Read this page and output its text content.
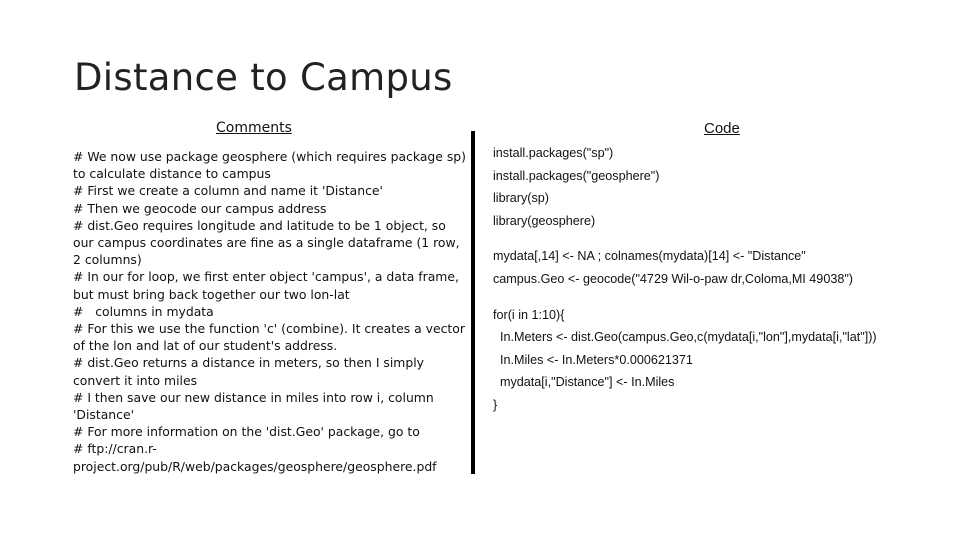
Distance to Campus
Comments	Code
# We now use package geosphere (which requires package sp) to calculate distance to campus
# First we create a column and name it 'Distance'
# Then we geocode our campus address
# dist.Geo requires longitude and latitude to be 1 object, so our campus coordinates are fine as a single dataframe (1 row, 2 columns)
# In our for loop, we first enter object 'campus', a data frame, but must bring back together our two lon-lat
#   columns in mydata
# For this we use the function 'c' (combine). It creates a vector of the lon and lat of our student's address.
# dist.Geo returns a distance in meters, so then I simply convert it into miles
# I then save our new distance in miles into row i, column 'Distance'
# For more information on the 'dist.Geo' package, go to
# ftp://cran.r-project.org/pub/R/web/packages/geosphere/geosphere.pdf
install.packages("sp")
install.packages("geosphere")
library(sp)
library(geosphere)
mydata[,14] <- NA ; colnames(mydata)[14] <- "Distance"
campus.Geo <- geocode("4729 Wil-o-paw dr,Coloma,MI 49038")
for(i in 1:10){
In.Meters <- dist.Geo(campus.Geo,c(mydata[i,"lon"],mydata[i,"lat"]))
In.Miles <- In.Meters*0.000621371
mydata[i,"Distance"] <- In.Miles
}
